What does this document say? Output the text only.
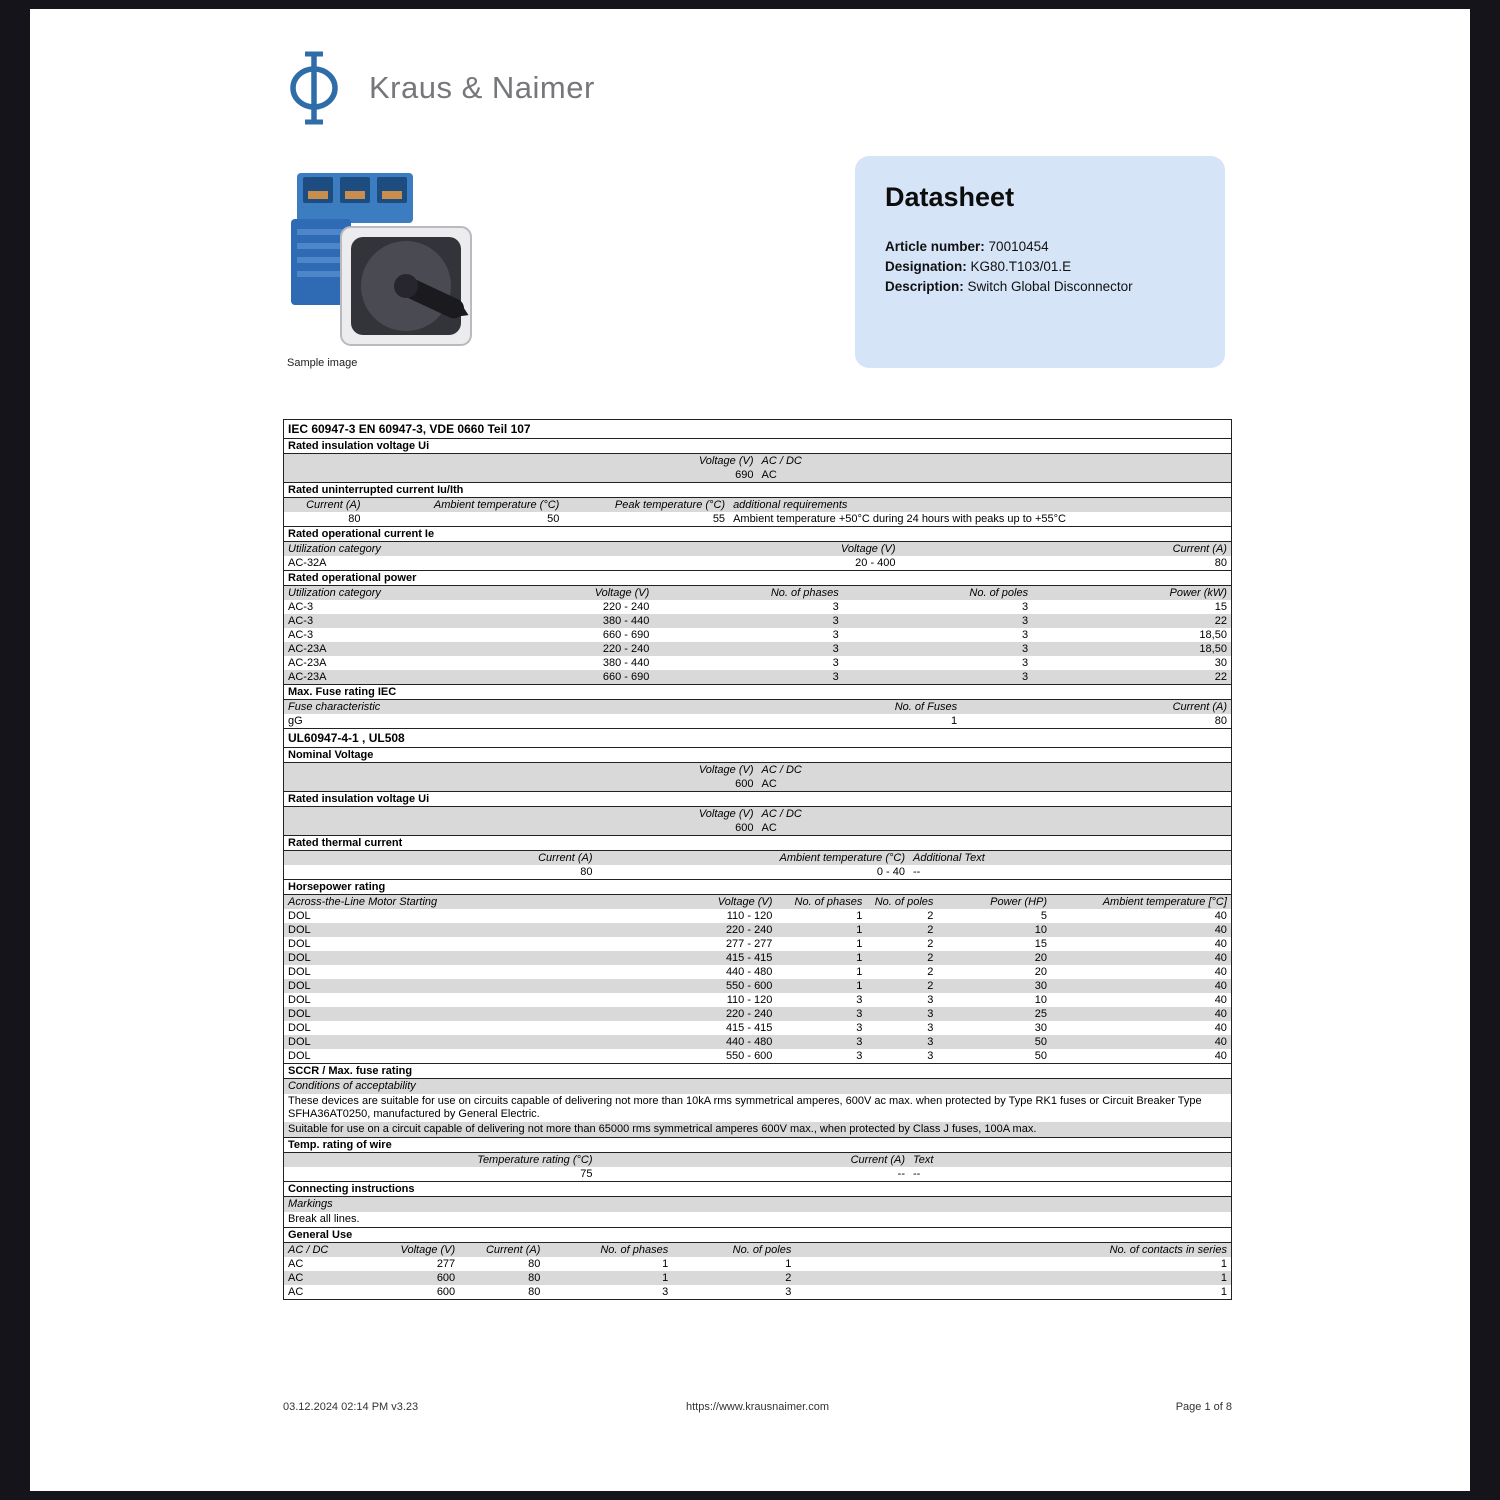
Kraus & Naimer
Sample image
Datasheet
Article number: 70010454
Designation: KG80.T103/01.E
Description: Switch Global Disconnector
IEC 60947-3 EN 60947-3, VDE 0660 Teil 107
Rated insulation voltage Ui
Voltage (V) AC / DC
690 AC
Rated uninterrupted current Iu/Ith
Current (A)	Ambient temperature (°C)	Peak temperature (°C) additional requirements
80	50	55 Ambient temperature +50°C during 24 hours with peaks up to +55°C
Rated operational current Ie
Utilization category	Voltage (V)	Current (A)
AC-32A	20 - 400	80
Rated operational power
Utilization category	Voltage (V)	No. of phases	No. of poles	Power (kW)
AC-3	220 - 240	3	3	15
AC-3	380 - 440	3	3	22
AC-3	660 - 690	3	3	18,50
AC-23A	220 - 240	3	3	18,50
AC-23A	380 - 440	3	3	30
AC-23A	660 - 690	3	3	22
Max. Fuse rating IEC
Fuse characteristic	No. of Fuses	Current (A)
gG	1	80
UL60947-4-1 , UL508
Nominal Voltage
Voltage (V) AC / DC
600 AC
Rated insulation voltage Ui
Voltage (V) AC / DC
600 AC
Rated thermal current
Current (A)	Ambient temperature (°C) Additional Text
80	0 - 40 --
Horsepower rating
Across-the-Line Motor Starting	Voltage (V)	No. of phases	No. of poles	Power (HP)	Ambient temperature [°C]
DOL	110 - 120	1	2	5	40
DOL	220 - 240	1	2	10	40
DOL	277 - 277	1	2	15	40
DOL	415 - 415	1	2	20	40
DOL	440 - 480	1	2	20	40
DOL	550 - 600	1	2	30	40
DOL	110 - 120	3	3	10	40
DOL	220 - 240	3	3	25	40
DOL	415 - 415	3	3	30	40
DOL	440 - 480	3	3	50	40
DOL	550 - 600	3	3	50	40
SCCR / Max. fuse rating
Conditions of acceptability
These devices are suitable for use on circuits capable of delivering not more than 10kA rms symmetrical amperes, 600V ac max. when protected by Type RK1 fuses or Circuit Breaker Type SFHA36AT0250, manufactured by General Electric.
Suitable for use on a circuit capable of delivering not more than 65000 rms symmetrical amperes 600V max., when protected by Class J fuses, 100A max.
Temp. rating of wire
Temperature rating (°C)	Current (A) Text
75	-- --
Connecting instructions
Markings
Break all lines.
General Use
AC / DC	Voltage (V)	Current (A)	No. of phases	No. of poles	No. of contacts in series
AC	277	80	1	1	1
AC	600	80	1	2	1
AC	600	80	3	3	1
03.12.2024 02:14 PM v3.23	https://www.krausnaimer.com	Page 1 of 8
